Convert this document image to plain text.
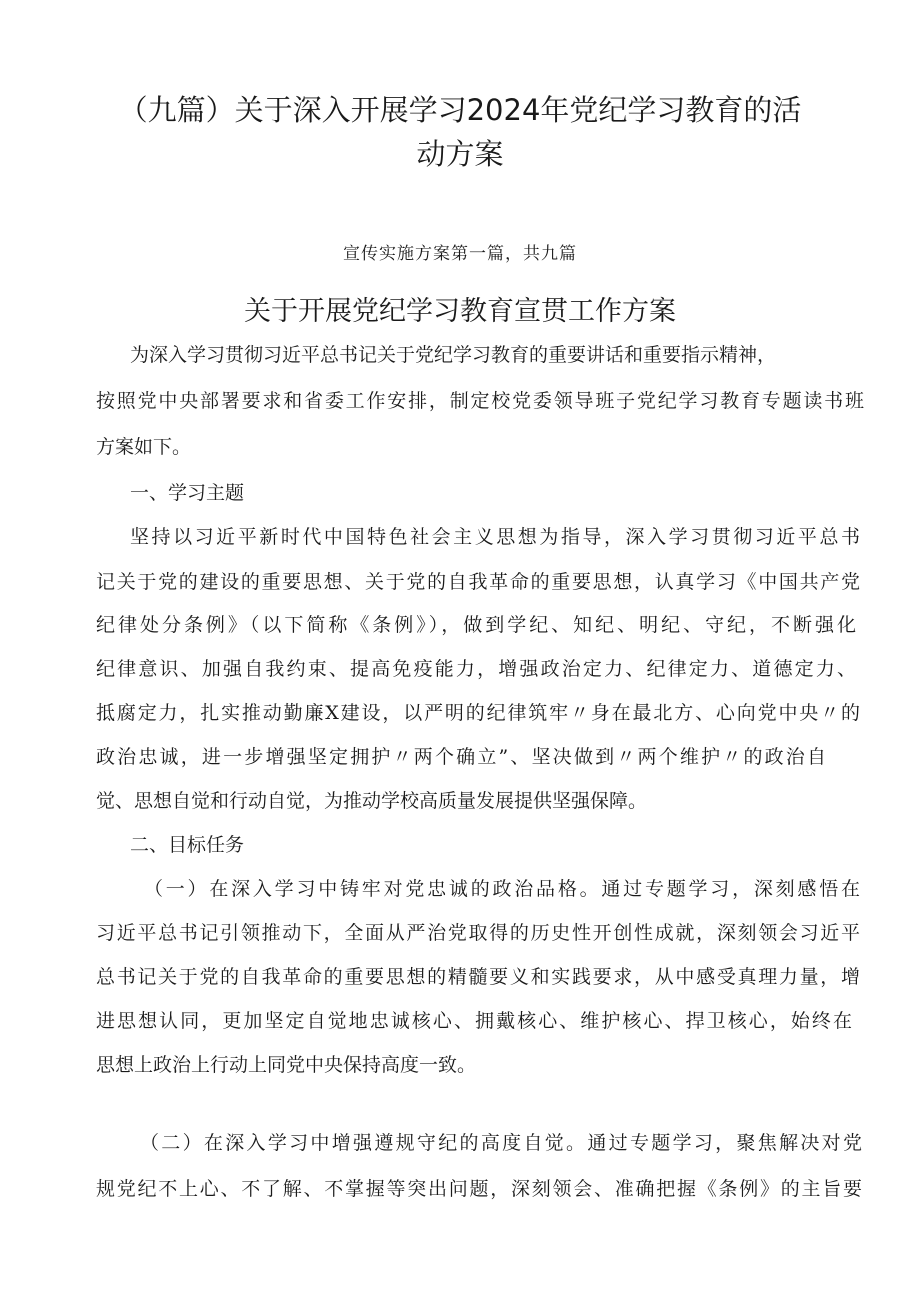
（九篇）关于深入开展学习2024年党纪学习教育的活
动方案
宣传实施方案第一篇，共九篇
关于开展党纪学习教育宣贯工作方案
为深入学习贯彻习近平总书记关于党纪学习教育的重要讲话和重要指示精神，
按照党中央部署要求和省委工作安排，制定校党委领导班子党纪学习教育专题读书班
方案如下。
一、学习主题
坚持以习近平新时代中国特色社会主义思想为指导，深入学习贯彻习近平总书
记关于党的建设的重要思想、关于党的自我革命的重要思想，认真学习《中国共产党
纪律处分条例》（以下简称《条例》），做到学纪、知纪、明纪、守纪，不断强化
纪律意识、加强自我约束、提高免疫能力，增强政治定力、纪律定力、道德定力、
抵腐定力，扎实推动勤廉X建设，以严明的纪律筑牢〃身在最北方、心向党中央〃的
政治忠诚，进一步增强坚定拥护〃两个确立”、坚决做到〃两个维护〃的政治自
觉、思想自觉和行动自觉，为推动学校高质量发展提供坚强保障。
二、目标任务
（一）在深入学习中铸牢对党忠诚的政治品格。通过专题学习，深刻感悟在
习近平总书记引领推动下，全面从严治党取得的历史性开创性成就，深刻领会习近平
总书记关于党的自我革命的重要思想的精髓要义和实践要求，从中感受真理力量，增
进思想认同，更加坚定自觉地忠诚核心、拥戴核心、维护核心、捍卫核心，始终在
思想上政治上行动上同党中央保持高度一致。
（二）在深入学习中增强遵规守纪的高度自觉。通过专题学习，聚焦解决对党
规党纪不上心、不了解、不掌握等突出问题，深刻领会、准确把握《条例》的主旨要
